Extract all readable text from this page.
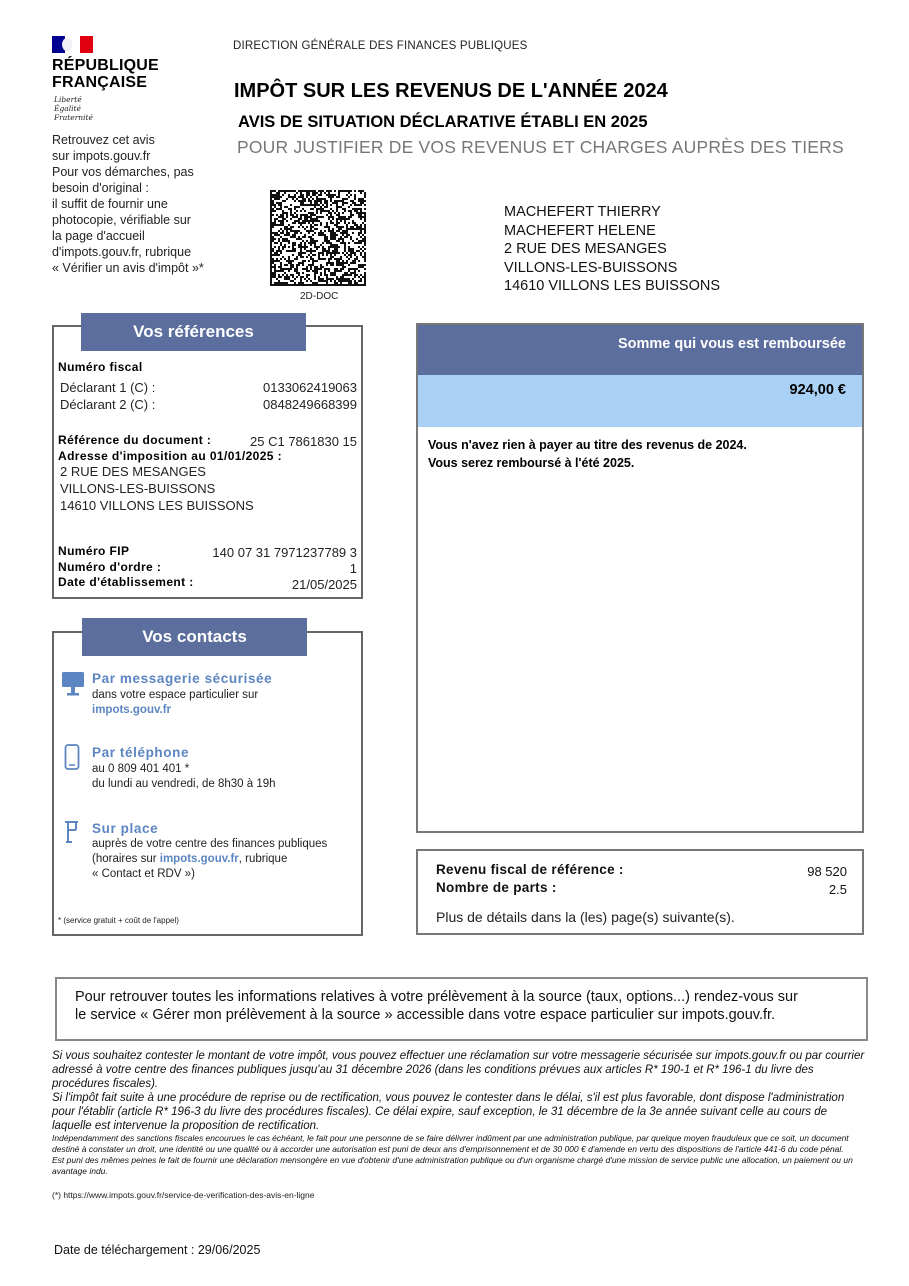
RÉPUBLIQUE
FRANÇAISE
Liberté
Égalité
Fraternité
Retrouvez cet avis
sur impots.gouv.fr
Pour vos démarches, pas
besoin d'original :
il suffit de fournir une
photocopie, vérifiable sur
la page d'accueil
d'impots.gouv.fr, rubrique
« Vérifier un avis d'impôt »*
DIRECTION GÉNÉRALE DES FINANCES PUBLIQUES
IMPÔT SUR LES REVENUS DE L'ANNÉE 2024
AVIS DE SITUATION DÉCLARATIVE ÉTABLI EN 2025
POUR JUSTIFIER DE VOS REVENUS ET CHARGES AUPRÈS DES TIERS
2D-DOC
MACHEFERT THIERRY
MACHEFERT HELENE
2 RUE DES MESANGES
VILLONS-LES-BUISSONS
14610 VILLONS LES BUISSONS
Vos références
Numéro fiscal
Déclarant 1 (C) :	0133062419063
Déclarant 2 (C) :	0848249668399
Référence du document :	25 C1 7861830 15
Adresse d'imposition au 01/01/2025 :
2 RUE DES MESANGES
VILLONS-LES-BUISSONS
14610 VILLONS LES BUISSONS
Numéro FIP	140 07 31 7971237789 3
Numéro d'ordre :	1
Date d'établissement :	21/05/2025
Vos contacts
Par messagerie sécurisée
dans votre espace particulier sur
impots.gouv.fr
Par téléphone
au 0 809 401 401 *
du lundi au vendredi, de 8h30 à 19h
Sur place
auprès de votre centre des finances publiques
(horaires sur impots.gouv.fr, rubrique
« Contact et RDV »)
* (service gratuit + coût de l'appel)
Somme qui vous est remboursée
924,00 €
Vous n'avez rien à payer au titre des revenus de 2024.
Vous serez remboursé à l'été 2025.
Revenu fiscal de référence :	98 520
Nombre de parts :	2.5
Plus de détails dans la (les) page(s) suivante(s).
Pour retrouver toutes les informations relatives à votre prélèvement à la source (taux, options...) rendez-vous sur
le service « Gérer mon prélèvement à la source » accessible dans votre espace particulier sur impots.gouv.fr.

Si vous souhaitez contester le montant de votre impôt, vous pouvez effectuer une réclamation sur votre messagerie sécurisée sur impots.gouv.fr ou par courrier adressé à votre centre des finances publiques jusqu'au 31 décembre 2026 (dans les conditions prévues aux articles R* 190-1 et R* 196-1 du livre des procédures fiscales).

Si l'impôt fait suite à une procédure de reprise ou de rectification, vous pouvez le contester dans le délai, s'il est plus favorable, dont dispose l'administration pour l'établir (article R* 196-3 du livre des procédures fiscales). Ce délai expire, sauf exception, le 31 décembre de la 3e année suivant celle au cours de laquelle est intervenue la proposition de rectification.

Indépendamment des sanctions fiscales encourues le cas échéant, le fait pour une personne de se faire délivrer indûment par une administration publique, par quelque moyen frauduleux que ce soit, un document destiné à constater un droit, une identité ou une qualité ou à accorder une autorisation est puni de deux ans d'emprisonnement et de 30 000 € d'amende en vertu des dispositions de l'article 441-6 du code pénal.

Est puni des mêmes peines le fait de fournir une déclaration mensongère en vue d'obtenir d'une administration publique ou d'un organisme chargé d'une mission de service public une allocation, un paiement ou un avantage indu.

(*) https://www.impots.gouv.fr/service-de-verification-des-avis-en-ligne
Date de téléchargement : 29/06/2025
